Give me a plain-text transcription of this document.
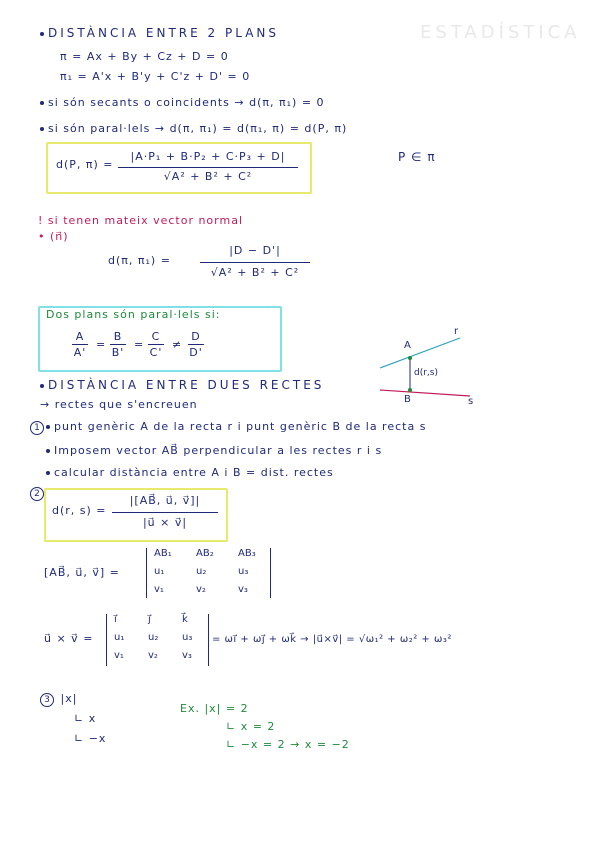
ESTADÍSTICA
DISTÀNCIA ENTRE 2 PLANS
π = Ax + By + Cz + D = 0
π₁ = A'x + B'y + C'z + D' = 0
si són secants o coincidents → d(π, π₁) = 0
si són paral·lels → d(π, π₁) = d(π₁, π) = d(P, π)
d(P, π) =
|A·P₁ + B·P₂ + C·P₃ + D|
√A² + B² + C²
P ∈ π
! si tenen mateix vector normal
• (n⃗)
d(π, π₁) =
|D − D'|
√A² + B² + C²
Dos plans són paral·lels si:
A
A'
=
B
B'
=
C
C'
≠
D
D'
A
B
r
s
d(r,s)
DISTÀNCIA ENTRE DUES RECTES
→ rectes que s'encreuen
1 punt genèric A de la recta r i punt genèric B de la recta s
Imposem vector AB⃗ perpendicular a les rectes r i s
calcular distància entre A i B = dist. rectes
2
d(r, s) =
|[AB⃗, u⃗, v⃗]|
|u⃗ × v⃗|
[AB⃗, u⃗, v⃗] =
AB₁ AB₂ AB₃
u₁	u₂	u₃
v₁	v₂	v₃
u⃗ × v⃗ =
i⃗	j⃗	k⃗
u₁ u₂ u₃
v₁ v₂ v₃
= ωi⃗ + ωj⃗ + ωk⃗ → |u⃗×v⃗| = √ω₁² + ω₂² + ω₃²
3 |x|
∟ x
∟ −x
Ex. |x| = 2
∟ x = 2
∟ −x = 2 → x = −2
